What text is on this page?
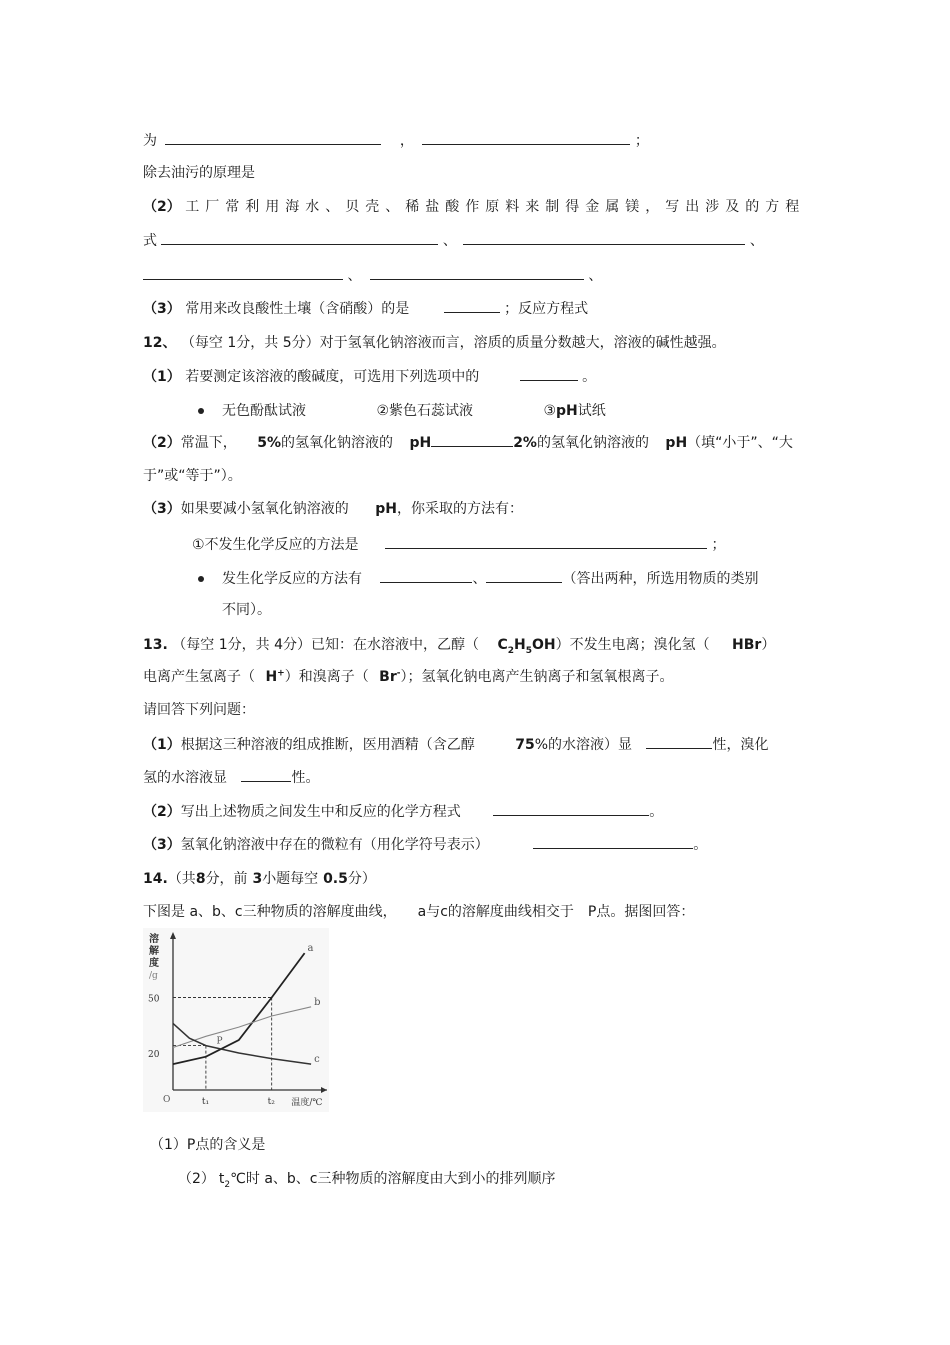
为	，	；
除去油污的原理是
（2） 工厂常利用海水、贝壳、稀盐酸作原料来制得金属镁，写出涉及的方程
式	、	、
、	、
（3） 常用来改良酸性土壤（含硝酸）的是	；反应方程式
12、 （每空 1分，共 5分）对于氢氧化钠溶液而言，溶质的质量分数越大，溶液的碱性越强。
（1） 若要测定该溶液的酸碱度，可选用下列选项中的	。
无色酚酞试液	②紫色石蕊试液	③pH试纸
（2）常温下， 5%的氢氧化钠溶液的 pH	2%的氢氧化钠溶液的 pH（填“小于”、“大
于”或“等于”）。
（3）如果要减小氢氧化钠溶液的 pH，你采取的方法有：
①不发生化学反应的方法是	；
发生化学反应的方法有	、	（答出两种，所选用物质的类别
不同）。
13. （每空 1分，共 4分）已知：在水溶液中，乙醇（ $C_2H_5OH$）不发生电离；溴化氢（ HBr）
电离产生氢离子（ H+）和溴离子（ Br-）；氢氧化钠电离产生钠离子和氢氧根离子。
请回答下列问题：
（1）根据这三种溶液的组成推断，医用酒精（含乙醇	75%的水溶液）显	性，溴化
氢的水溶液显	性。
（2）写出上述物质之间发生中和反应的化学方程式	。
（3）氢氧化钠溶液中存在的微粒有（用化学符号表示）	。
14.（共8分，前 3小题每空 0.5分）
下图是 a、b、c三种物质的溶解度曲线，　　a与c的溶解度曲线相交于　P点。据图回答：
a
b
c
溶
解
度
/g
50
20
t₁	t₂
O	温度/℃
P
（1）P点的含义是
（2） $t_2℃$时 a、b、c三种物质的溶解度由大到小的排列顺序
